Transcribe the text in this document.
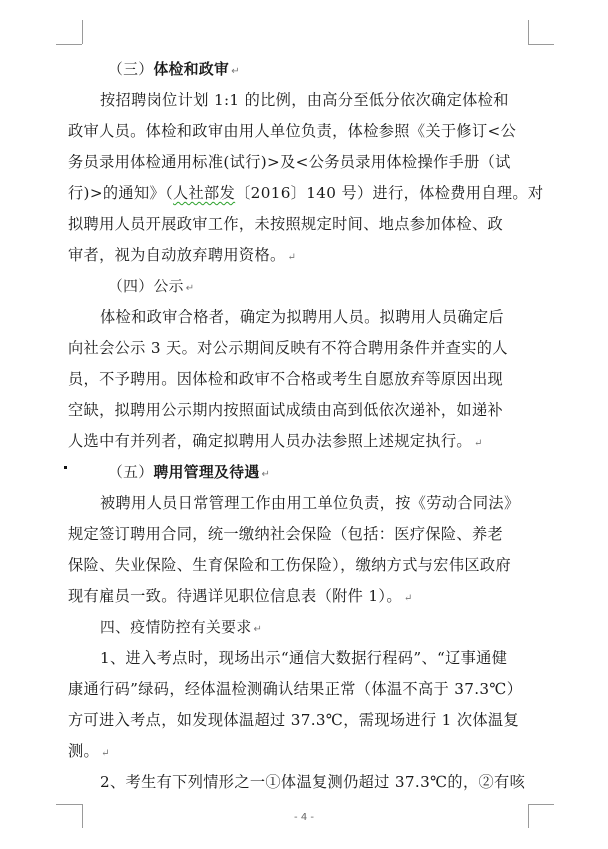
（三）体检和政审 ↵
按招聘岗位计划 1:1 的比例，由高分至低分依次确定体检和
政审人员。体检和政审由用人单位负责，体检参照《关于修订<公
务员录用体检通用标准(试行)>及<公务员录用体检操作手册（试
行)>的通知》（人社部发〔2016〕140 号）进行，体检费用自理。对
拟聘用人员开展政审工作，未按照规定时间、地点参加体检、政
审者，视为自动放弃聘用资格。 ↵
（四）公示 ↵
体检和政审合格者，确定为拟聘用人员。拟聘用人员确定后
向社会公示 3 天。对公示期间反映有不符合聘用条件并查实的人
员，不予聘用。因体检和政审不合格或考生自愿放弃等原因出现
空缺，拟聘用公示期内按照面试成绩由高到低依次递补，如递补
人选中有并列者，确定拟聘用人员办法参照上述规定执行。 ↵
（五）聘用管理及待遇 ↵
被聘用人员日常管理工作由用工单位负责，按《劳动合同法》
规定签订聘用合同，统一缴纳社会保险（包括：医疗保险、养老
保险、失业保险、生育保险和工伤保险），缴纳方式与宏伟区政府
现有雇员一致。待遇详见职位信息表（附件 1）。 ↵
四、疫情防控有关要求 ↵
1、进入考点时，现场出示“通信大数据行程码”、“辽事通健
康通行码”绿码，经体温检测确认结果正常（体温不高于 37.3℃）
方可进入考点，如发现体温超过 37.3℃，需现场进行 1 次体温复
测。 ↵
2、考生有下列情形之一①体温复测仍超过 37.3℃的，②有咳
- 4 -
